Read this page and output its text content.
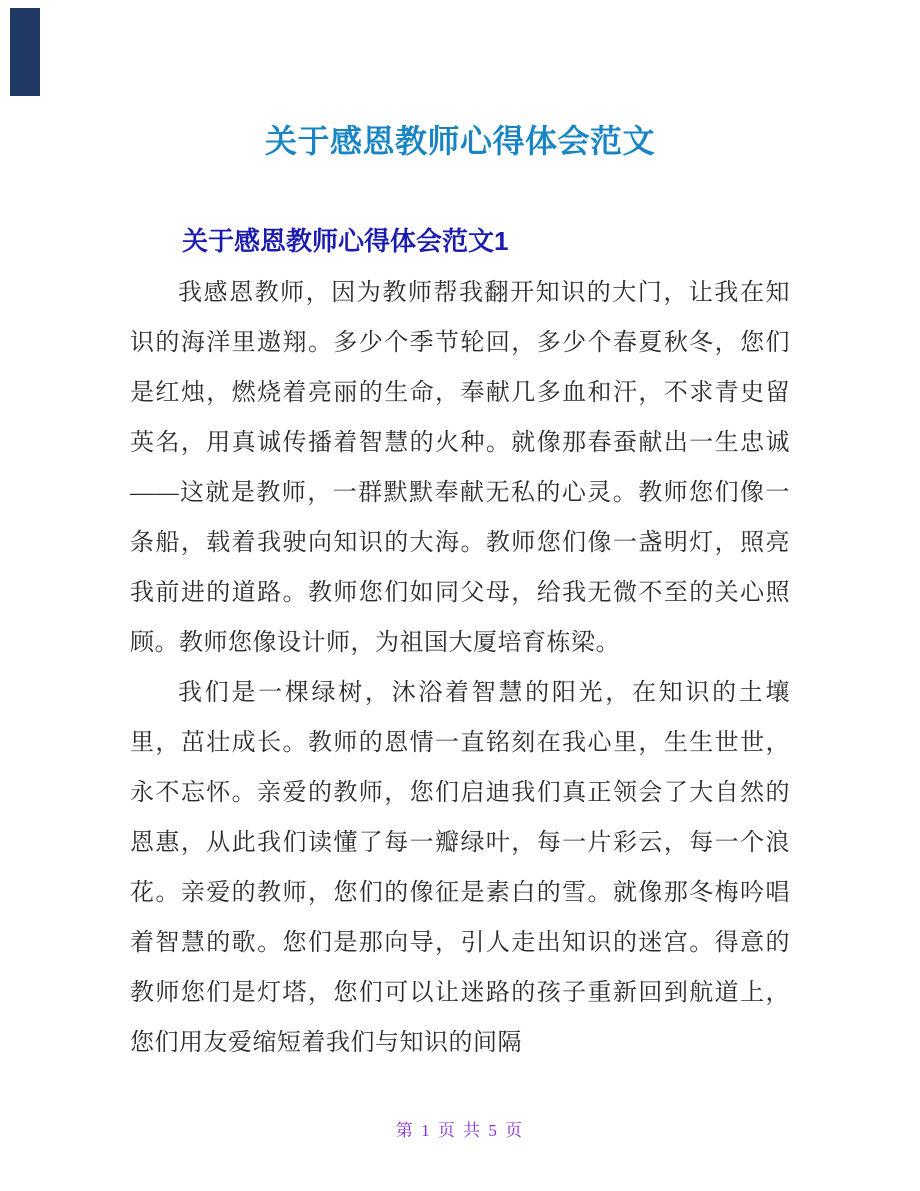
关于感恩教师心得体会范文
关于感恩教师心得体会范文1

我感恩教师，因为教师帮我翻开知识的大门，让我在知识的海洋里遨翔。多少个季节轮回，多少个春夏秋冬，您们是红烛，燃烧着亮丽的生命，奉献几多血和汗，不求青史留英名，用真诚传播着智慧的火种。就像那春蚕献出一生忠诚——这就是教师，一群默默奉献无私的心灵。教师您们像一条船，载着我驶向知识的大海。教师您们像一盏明灯，照亮我前进的道路。教师您们如同父母，给我无微不至的关心照顾。教师您像设计师，为祖国大厦培育栋梁。

我们是一棵绿树，沐浴着智慧的阳光，在知识的土壤里，茁壮成长。教师的恩情一直铭刻在我心里，生生世世，永不忘怀。亲爱的教师，您们启迪我们真正领会了大自然的恩惠，从此我们读懂了每一瓣绿叶，每一片彩云，每一个浪花。亲爱的教师，您们的像征是素白的雪。就像那冬梅吟唱着智慧的歌。您们是那向导，引人走出知识的迷宫。得意的教师您们是灯塔，您们可以让迷路的孩子重新回到航道上，您们用友爱缩短着我们与知识的间隔

第 1 页 共 5 页
